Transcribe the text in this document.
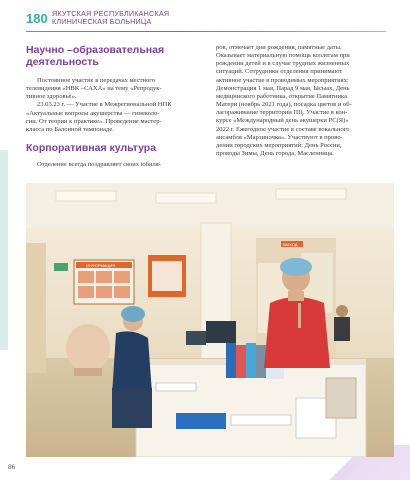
180 ЯКУТСКАЯ РЕСПУБЛИКАНСКАЯ
КЛИНИЧЕСКАЯ БОЛЬНИЦА
Научно –образовательная
деятельность
Постоянное участие в передачах местного
телевидения «НВК –САХА» на тему «Репродук-
тивное здоровье».
23.03.23 г. — Участие в Межрегиональной НПК
«Актуальные вопросы акушерства — гинеколо-
гии. От теории к практике». Проведение мастер-
класса по Балонной тампонаде.
Корпоративная культура
Отделение всегда поздравляет своих юбиля-
ров, отмечает дни рождения, памятные даты.
Оказывает материальную помощь коллегам при
рождении детей и в случае трудных жизненных
ситуаций. Сотрудники отделения принимают
активное участие в проводимых мероприятиях:
Демонстрация 1 мая, Парад 9 мая, Ысыах, День
медицинского работника, открытие Памятника
Матери (ноябрь 2021 года), посадка цветов и об-
лагораживание территории ПЦ. Участие в кон-
курсе «Международный день акушерки РС(Я)»
2022 г. Ежегодное участие в составе вокального
ансамбля «Марзиночка». Участвуют в прове-
дении городских мероприятий: День России,
проводы Зимы, День города, Масленница.
ВЫХОД
ИНФОРМАЦИЯ
86
